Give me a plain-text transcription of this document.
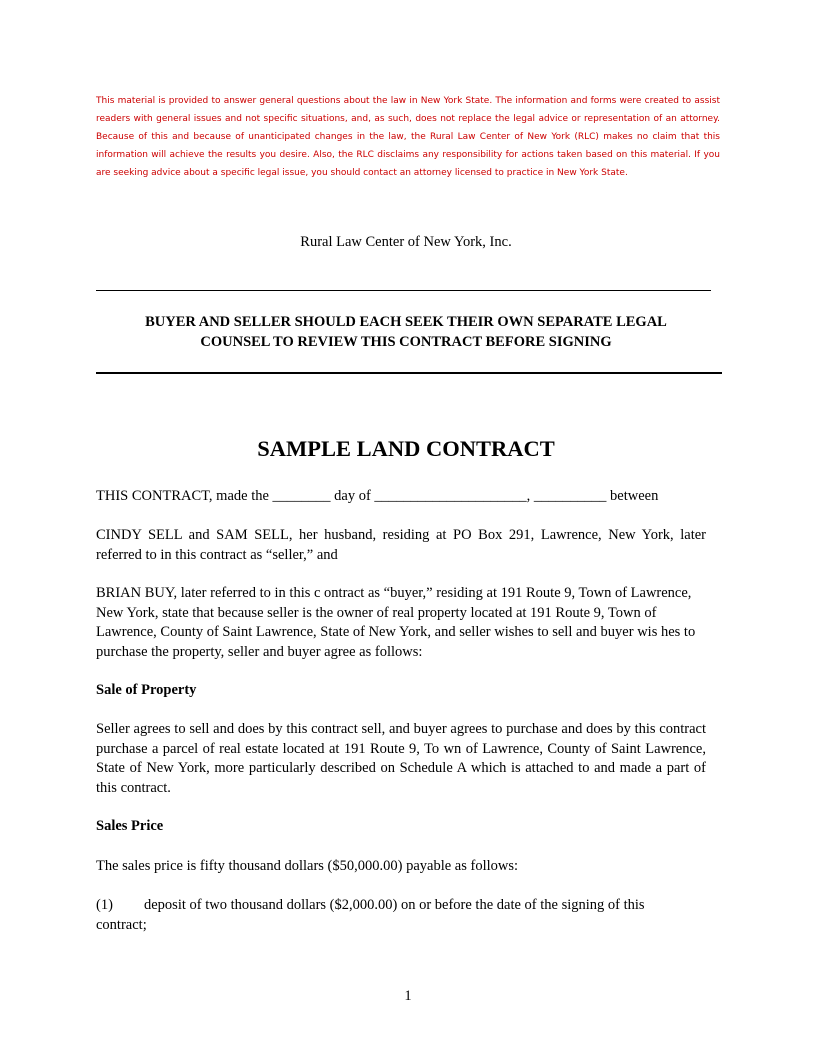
This material is provided to answer general questions about the law in New York State. The information and forms were created to assist readers with general issues and not specific situations, and, as such, does not replace the legal advice or representation of an attorney. Because of this and because of unanticipated changes in the law, the Rural Law Center of New York (RLC) makes no claim that this information will achieve the results you desire. Also, the RLC disclaims any responsibility for actions taken based on this material. If you are seeking advice about a specific legal issue, you should contact an attorney licensed to practice in New York State.
Rural Law Center of New York, Inc.
BUYER AND SELLER SHOULD EACH SEEK THEIR OWN SEPARATE LEGAL
COUNSEL TO REVIEW THIS CONTRACT BEFORE SIGNING
SAMPLE LAND CONTRACT
THIS CONTRACT, made the ________ day of _____________________, __________ between
CINDY SELL and SAM SELL, her husband, residing at PO Box 291, Lawrence, New York, later referred to in this contract as “seller,” and
BRIAN BUY, later referred to in this c ontract as “buyer,” residing at 191 Route 9, Town of Lawrence, New York, state that because seller is the owner of real property located at 191 Route 9, Town of Lawrence, County of Saint Lawrence, State of New York, and seller wishes to sell and buyer wis hes to purchase the property, seller and buyer agree as follows:
Sale of Property
Seller agrees to sell and does by this contract sell, and buyer agrees to purchase and does by this contract purchase a parcel of real estate located at 191 Route 9, To wn of Lawrence, County of Saint Lawrence, State of New York, more particularly described on Schedule A which is attached to and made a part of this contract.
Sales Price
The sales price is fifty thousand dollars ($50,000.00) payable as follows:
(1) deposit of two thousand dollars ($2,000.00) on or before the date of the signing of this
contract;
1
